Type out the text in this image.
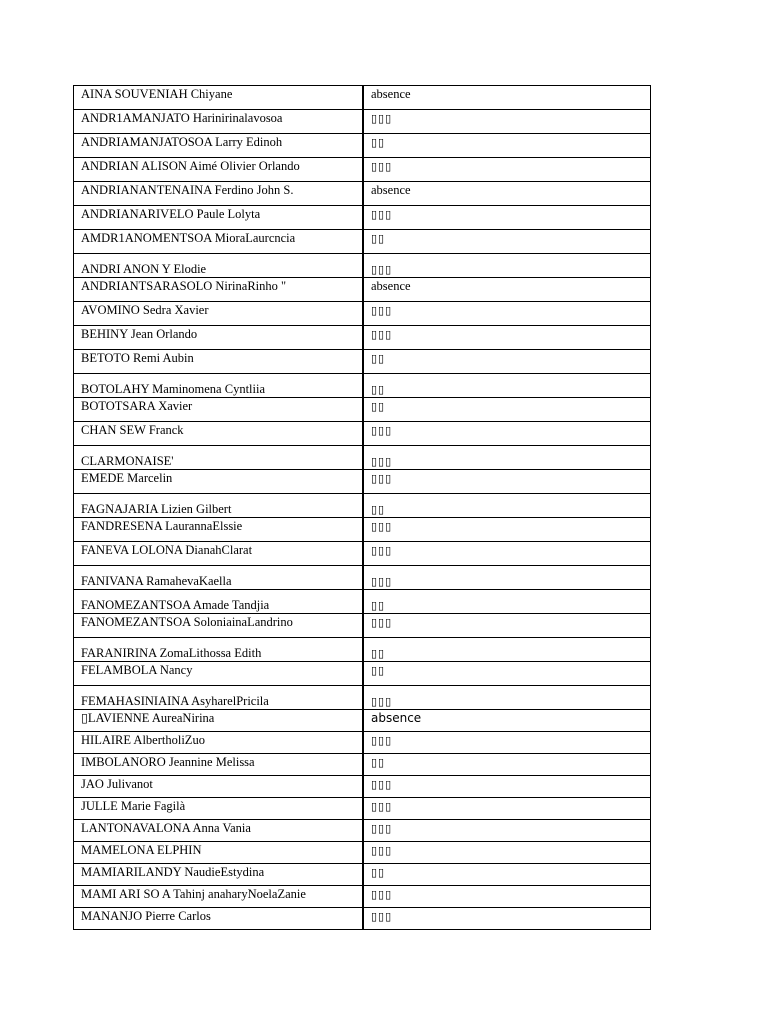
AINA SOUVENIAH Chiyane	absence
ANDR1AMANJATO Harinirinalavosoa	▯▯▯
ANDRIAMANJATOSOA Larry Edinoh	▯▯
ANDRIAN ALISON Aimé Olivier Orlando	▯▯▯
ANDRIANANTENAINA Ferdino John S.	absence
ANDRIANARIVELO Paule Lolyta	▯▯▯
AMDR1ANOMENTSOA MioraLaurcncia	▯▯
ANDRI ANON Y Elodie	▯▯▯
ANDRIANTSARASOLO NirinaRinho "	absence
AVOMINO Sedra Xavier	▯▯▯
BEHINY Jean Orlando	▯▯▯
BETOTO Remi Aubin	▯▯
BOTOLAHY Maminomena Cyntliia	▯▯
BOTOTSARA Xavier	▯▯
CHAN SEW Franck	▯▯▯
CLARMONAISE'	▯▯▯
EMEDE Marcelin	▯▯▯
FAGNAJARIA Lizien Gilbert	▯▯
FANDRESENA LaurannaElssie	▯▯▯
FANEVA LOLONA DianahClarat	▯▯▯
FANIVANA RamahevaKaella	▯▯▯
FANOMEZANTSOA Amade Tandjia	▯▯
FANOMEZANTSOA SoloniainaLandrino	▯▯▯
FARANIRINA ZomaLithossa Edith	▯▯
FELAMBOLA Nancy	▯▯
FEMAHASINIAINA AsyharelPricila	▯▯▯
▯LAVIENNE AureaNirina	absence
HILAIRE AlbertholiZuo	▯▯▯
IMBOLANORO Jeannine Melissa	▯▯
JAO Julivanot	▯▯▯
JULLE Marie Fagilà	▯▯▯
LANTONAVALONA Anna Vania	▯▯▯
MAMELONA ELPHIN	▯▯▯
MAMIARILANDY NaudieEstydina	▯▯
MAMI ARI SO A Tahinj anaharyNoelaZanie	▯▯▯
MANANJO Pierre Carlos	▯▯▯
